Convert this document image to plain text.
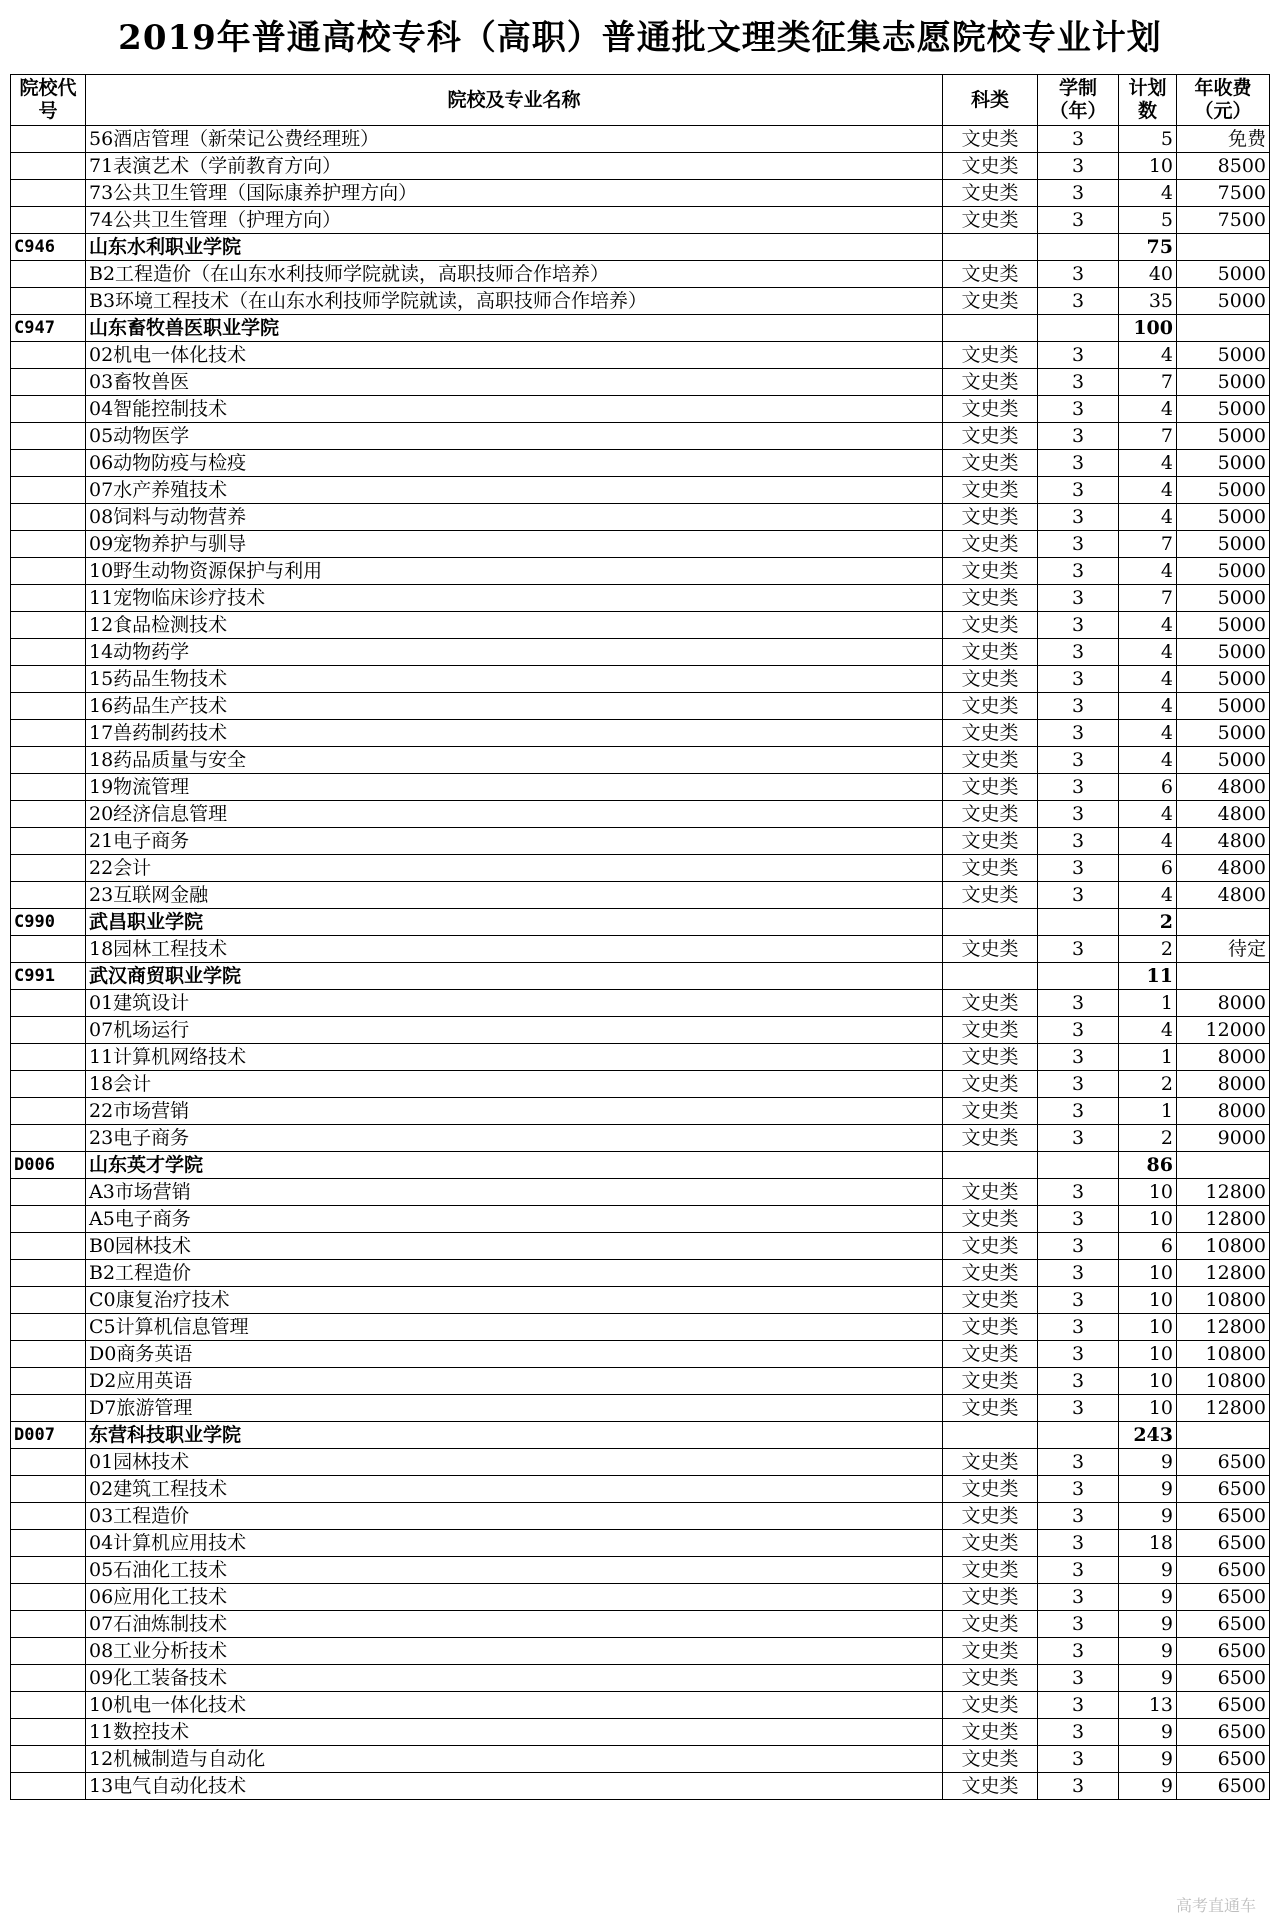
2019年普通高校专科（高职）普通批文理类征集志愿院校专业计划
院校代号	院校及专业名称	科类	学制（年）	计划数	年收费（元）
	56酒店管理（新荣记公费经理班）	文史类	3	5	免费
	71表演艺术（学前教育方向）	文史类	3	10	8500
	73公共卫生管理（国际康养护理方向）	文史类	3	4	7500
	74公共卫生管理（护理方向）	文史类	3	5	7500
C946	山东水利职业学院			75	
	B2工程造价（在山东水利技师学院就读，高职技师合作培养）	文史类	3	40	5000
	B3环境工程技术（在山东水利技师学院就读，高职技师合作培养）	文史类	3	35	5000
C947	山东畜牧兽医职业学院			100	
	02机电一体化技术	文史类	3	4	5000
	03畜牧兽医	文史类	3	7	5000
	04智能控制技术	文史类	3	4	5000
	05动物医学	文史类	3	7	5000
	06动物防疫与检疫	文史类	3	4	5000
	07水产养殖技术	文史类	3	4	5000
	08饲料与动物营养	文史类	3	4	5000
	09宠物养护与驯导	文史类	3	7	5000
	10野生动物资源保护与利用	文史类	3	4	5000
	11宠物临床诊疗技术	文史类	3	7	5000
	12食品检测技术	文史类	3	4	5000
	14动物药学	文史类	3	4	5000
	15药品生物技术	文史类	3	4	5000
	16药品生产技术	文史类	3	4	5000
	17兽药制药技术	文史类	3	4	5000
	18药品质量与安全	文史类	3	4	5000
	19物流管理	文史类	3	6	4800
	20经济信息管理	文史类	3	4	4800
	21电子商务	文史类	3	4	4800
	22会计	文史类	3	6	4800
	23互联网金融	文史类	3	4	4800
C990	武昌职业学院			2	
	18园林工程技术	文史类	3	2	待定
C991	武汉商贸职业学院			11	
	01建筑设计	文史类	3	1	8000
	07机场运行	文史类	3	4	12000
	11计算机网络技术	文史类	3	1	8000
	18会计	文史类	3	2	8000
	22市场营销	文史类	3	1	8000
	23电子商务	文史类	3	2	9000
D006	山东英才学院			86	
	A3市场营销	文史类	3	10	12800
	A5电子商务	文史类	3	10	12800
	B0园林技术	文史类	3	6	10800
	B2工程造价	文史类	3	10	12800
	C0康复治疗技术	文史类	3	10	10800
	C5计算机信息管理	文史类	3	10	12800
	D0商务英语	文史类	3	10	10800
	D2应用英语	文史类	3	10	10800
	D7旅游管理	文史类	3	10	12800
D007	东营科技职业学院			243	
	01园林技术	文史类	3	9	6500
	02建筑工程技术	文史类	3	9	6500
	03工程造价	文史类	3	9	6500
	04计算机应用技术	文史类	3	18	6500
	05石油化工技术	文史类	3	9	6500
	06应用化工技术	文史类	3	9	6500
	07石油炼制技术	文史类	3	9	6500
	08工业分析技术	文史类	3	9	6500
	09化工装备技术	文史类	3	9	6500
	10机电一体化技术	文史类	3	13	6500
	11数控技术	文史类	3	9	6500
	12机械制造与自动化	文史类	3	9	6500
	13电气自动化技术	文史类	3	9	6500
高考直通车
